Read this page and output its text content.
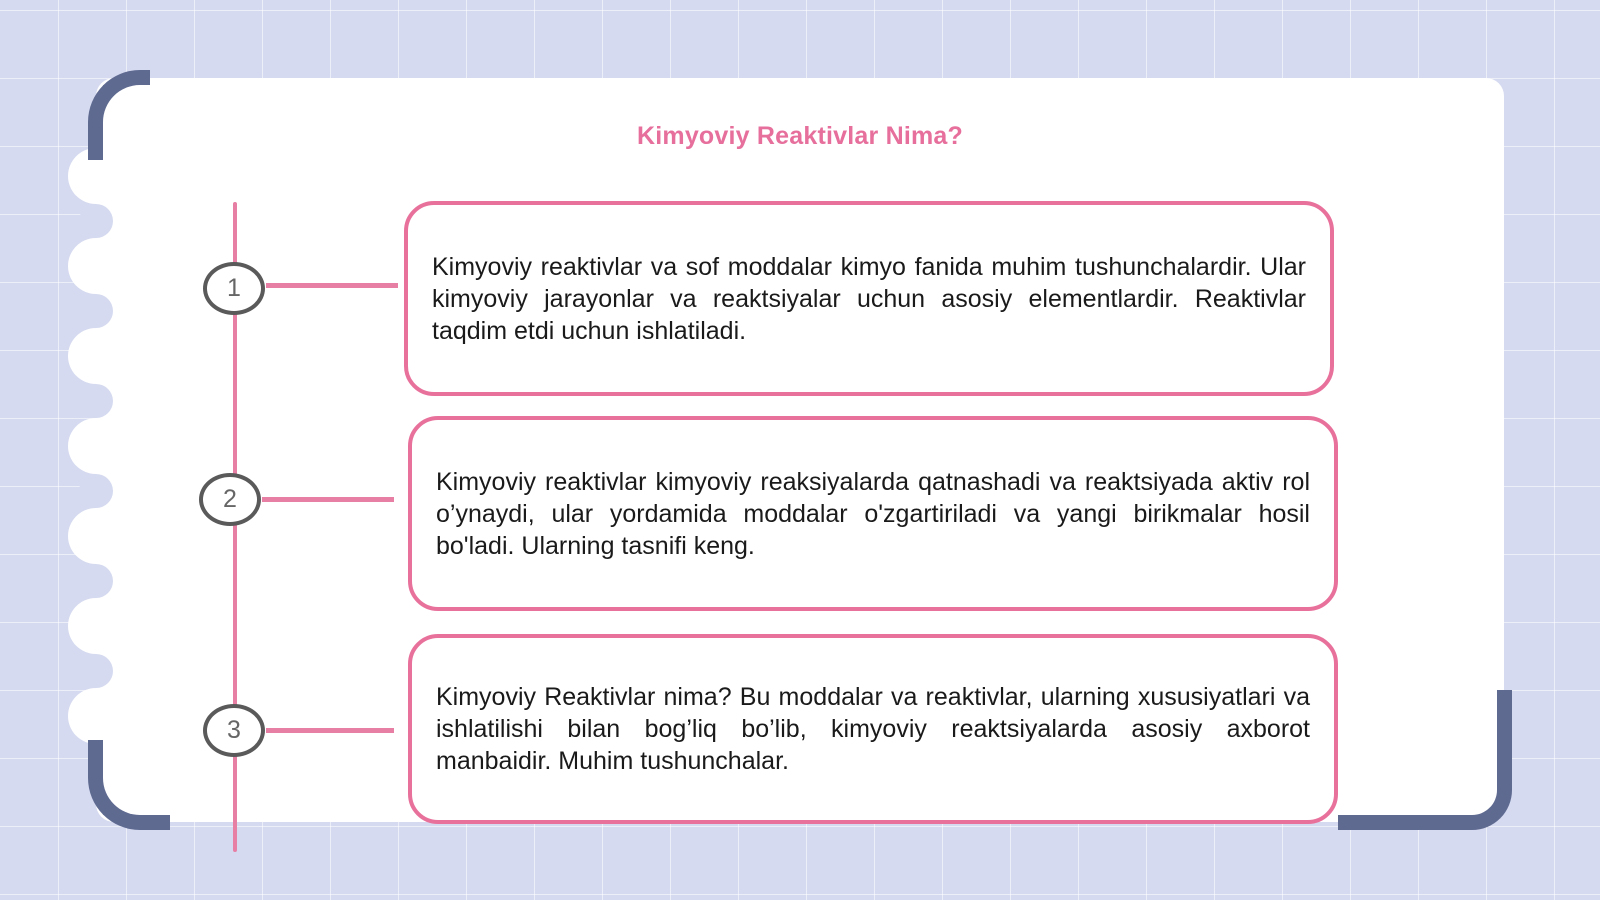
Kimyoviy Reaktivlar Nima?
1

Kimyoviy reaktivlar va sof moddalar kimyo fanida muhim tushunchalardir. Ular kimyoviy jarayonlar va reaktsiyalar uchun asosiy elementlardir. Reaktivlar taqdim etdi uchun ishlatiladi.

2

Kimyoviy reaktivlar kimyoviy reaksiyalarda qatnashadi va reaktsiyada aktiv rol o’ynaydi, ular yordamida moddalar o'zgartiriladi va yangi birikmalar hosil bo'ladi. Ularning tasnifi keng.

3

Kimyoviy Reaktivlar nima? Bu moddalar va reaktivlar, ularning xususiyatlari va ishlatilishi bilan bog’liq bo’lib, kimyoviy reaktsiyalarda asosiy axborot manbaidir. Muhim tushunchalar.
